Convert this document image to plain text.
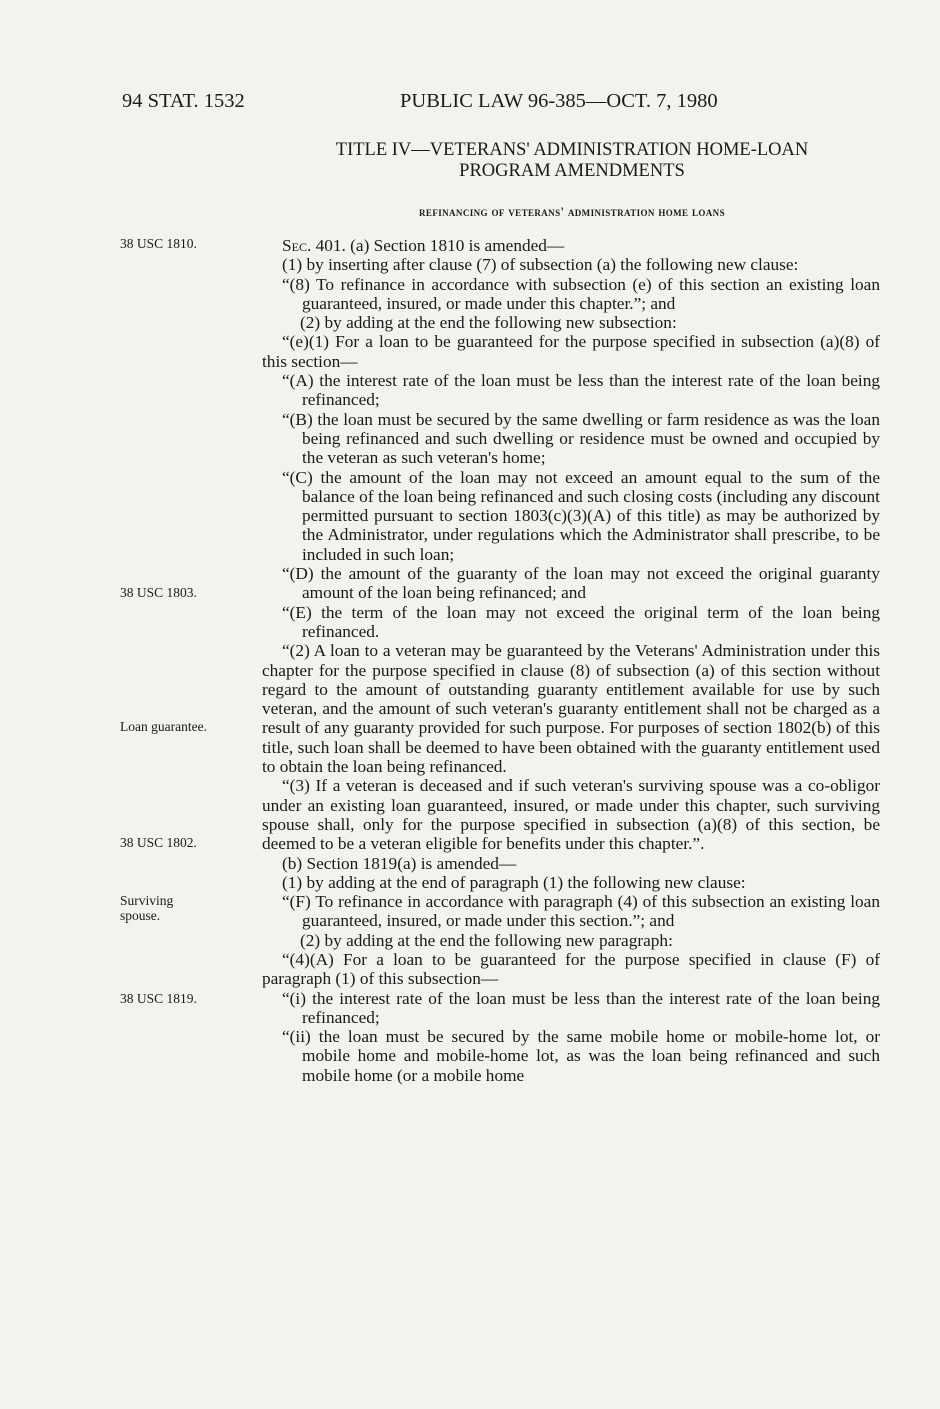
94 STAT. 1532	PUBLIC LAW 96-385—OCT. 7, 1980
TITLE IV—VETERANS' ADMINISTRATION HOME-LOAN
PROGRAM AMENDMENTS
refinancing of veterans' administration home loans
38 USC 1810.
38 USC 1803.
Loan guarantee.
38 USC 1802.
Surviving spouse.
38 USC 1819.

Sec. 401. (a) Section 1810 is amended—

(1) by inserting after clause (7) of subsection (a) the following new clause:

“(8) To refinance in accordance with subsection (e) of this section an existing loan guaranteed, insured, or made under this chapter.”; and

(2) by adding at the end the following new subsection:

“(e)(1) For a loan to be guaranteed for the purpose specified in subsection (a)(8) of this section—

“(A) the interest rate of the loan must be less than the interest rate of the loan being refinanced;

“(B) the loan must be secured by the same dwelling or farm residence as was the loan being refinanced and such dwelling or residence must be owned and occupied by the veteran as such veteran's home;

“(C) the amount of the loan may not exceed an amount equal to the sum of the balance of the loan being refinanced and such closing costs (including any discount permitted pursuant to section 1803(c)(3)(A) of this title) as may be authorized by the Administrator, under regulations which the Administrator shall prescribe, to be included in such loan;

“(D) the amount of the guaranty of the loan may not exceed the original guaranty amount of the loan being refinanced; and

“(E) the term of the loan may not exceed the original term of the loan being refinanced.

“(2) A loan to a veteran may be guaranteed by the Veterans' Administration under this chapter for the purpose specified in clause (8) of subsection (a) of this section without regard to the amount of outstanding guaranty entitlement available for use by such veteran, and the amount of such veteran's guaranty entitlement shall not be charged as a result of any guaranty provided for such purpose. For purposes of section 1802(b) of this title, such loan shall be deemed to have been obtained with the guaranty entitlement used to obtain the loan being refinanced.

“(3) If a veteran is deceased and if such veteran's surviving spouse was a co-obligor under an existing loan guaranteed, insured, or made under this chapter, such surviving spouse shall, only for the purpose specified in subsection (a)(8) of this section, be deemed to be a veteran eligible for benefits under this chapter.”.

(b) Section 1819(a) is amended—

(1) by adding at the end of paragraph (1) the following new clause:

“(F) To refinance in accordance with paragraph (4) of this subsection an existing loan guaranteed, insured, or made under this section.”; and

(2) by adding at the end the following new paragraph:

“(4)(A) For a loan to be guaranteed for the purpose specified in clause (F) of paragraph (1) of this subsection—

“(i) the interest rate of the loan must be less than the interest rate of the loan being refinanced;

“(ii) the loan must be secured by the same mobile home or mobile-home lot, or mobile home and mobile-home lot, as was the loan being refinanced and such mobile home (or a mobile home
